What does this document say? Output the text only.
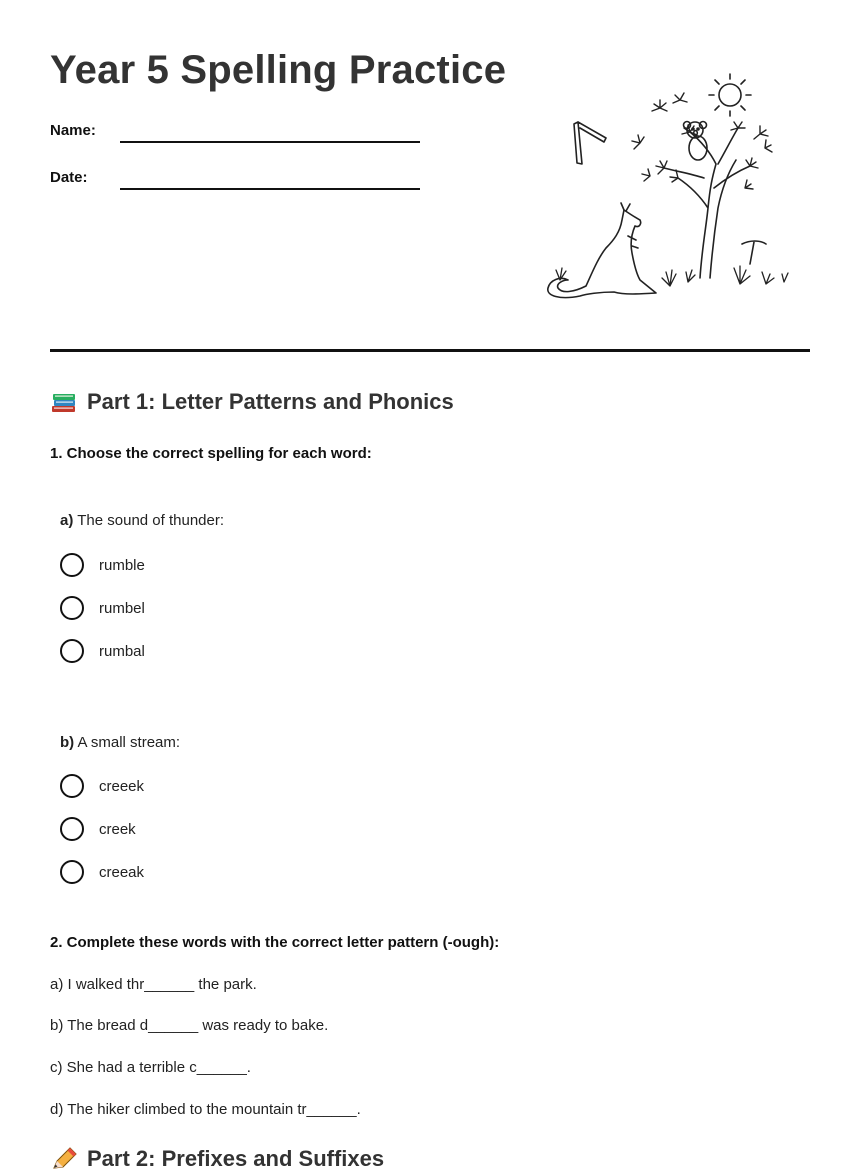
Year 5 Spelling Practice
Name:
Date:
Part 1: Letter Patterns and Phonics
1. Choose the correct spelling for each word:
a) The sound of thunder:
rumble
rumbel
rumbal
b) A small stream:
creeek
creek
creeak
2. Complete these words with the correct letter pattern (-ough):
a) I walked thr______ the park.
b) The bread d______ was ready to bake.
c) She had a terrible c______.
d) The hiker climbed to the mountain tr______.
Part 2: Prefixes and Suffixes
